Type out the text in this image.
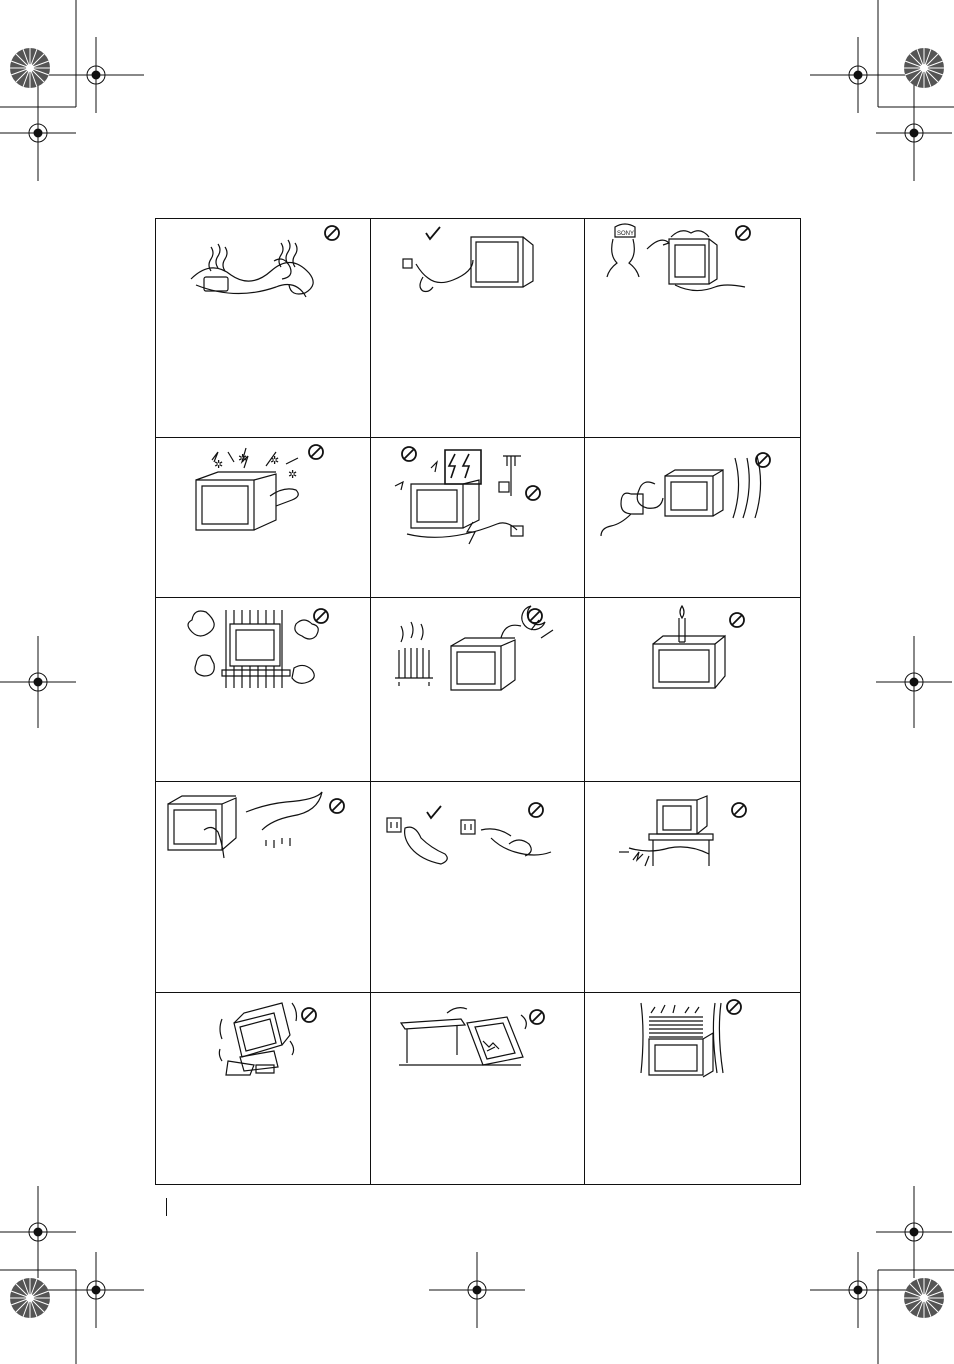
SONY

✲ ✲ ✲
✲
